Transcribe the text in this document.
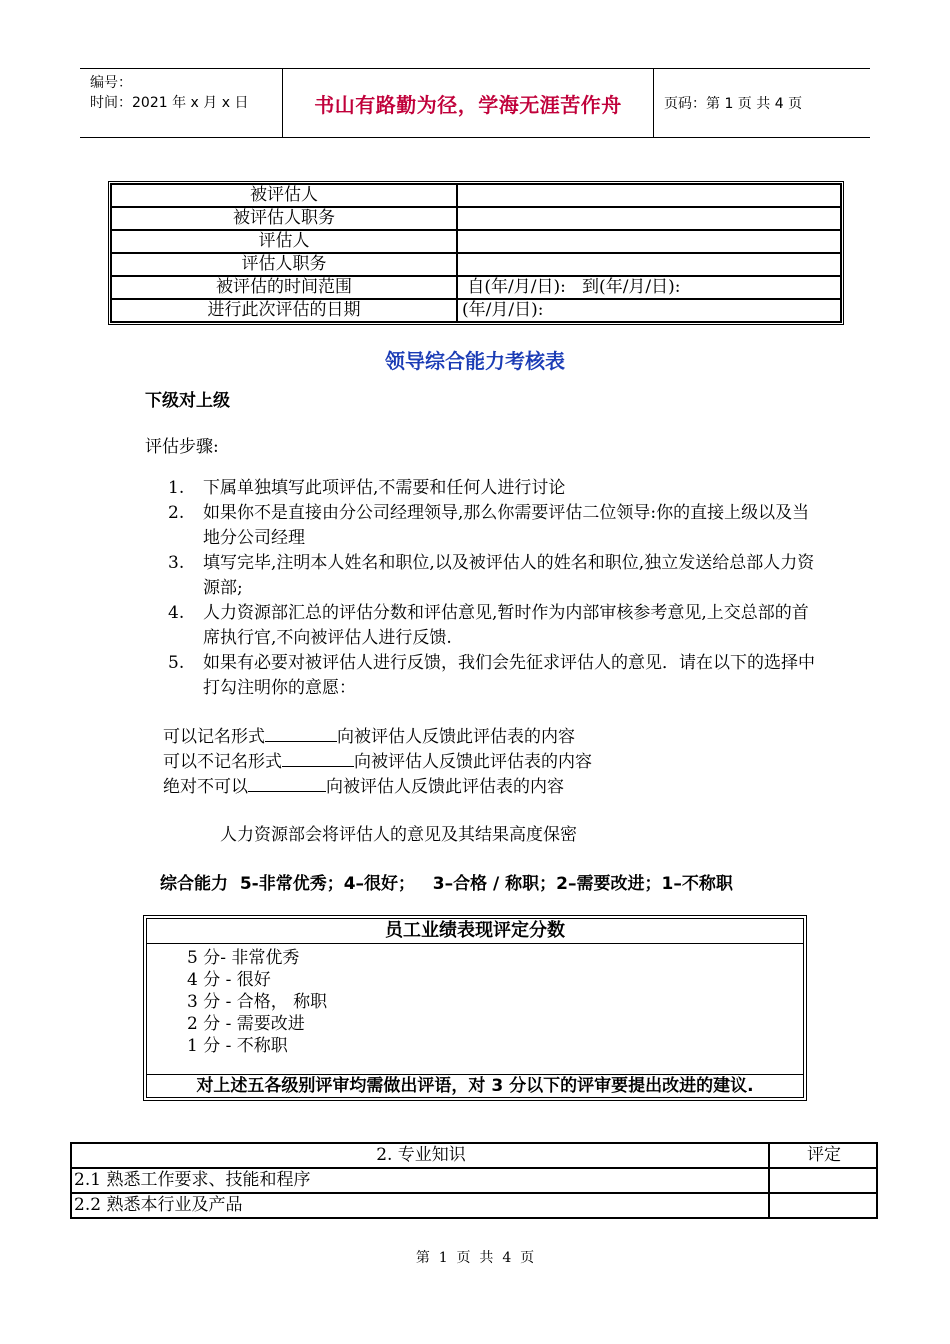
编号：
时间：2021 年 x 月 x 日	书山有路勤为径，学海无涯苦作舟	页码：第 1 页 共 4 页
被评估人	
被评估人职务	
评估人	
评估人职务	
被评估的时间范围	自(年/月/日):   到(年/月/日):
进行此次评估的日期	(年/月/日):
领导综合能力考核表
下级对上级
评估步骤:
1.	下属单独填写此项评估,不需要和任何人进行讨论
2.	如果你不是直接由分公司经理领导,那么你需要评估二位领导:你的直接上级以及当地分公司经理
3.	填写完毕,注明本人姓名和职位,以及被评估人的姓名和职位,独立发送给总部人力资源部;
4.	人力资源部汇总的评估分数和评估意见,暂时作为内部审核参考意见,上交总部的首席执行官,不向被评估人进行反馈.
5.	如果有必要对被评估人进行反馈，我们会先征求评估人的意见．请在以下的选择中打勾注明你的意愿：
可以记名形式	向被评估人反馈此评估表的内容
可以不记名形式	向被评估人反馈此评估表的内容
绝对不可以	向被评估人反馈此评估表的内容
人力资源部会将评估人的意见及其结果高度保密
综合能力  5-非常优秀；4–很好；   3–合格 / 称职；2–需要改进；1–不称职
员工业绩表现评定分数
5 分- 非常优秀
4 分 - 很好
3 分 - 合格， 称职
2 分 - 需要改进
1 分 - 不称职
对上述五各级别评审均需做出评语，对 3 分以下的评审要提出改进的建议.
2. 专业知识	评定
2.1 熟悉工作要求、技能和程序	
2.2 熟悉本行业及产品	
第  1  页  共  4  页
